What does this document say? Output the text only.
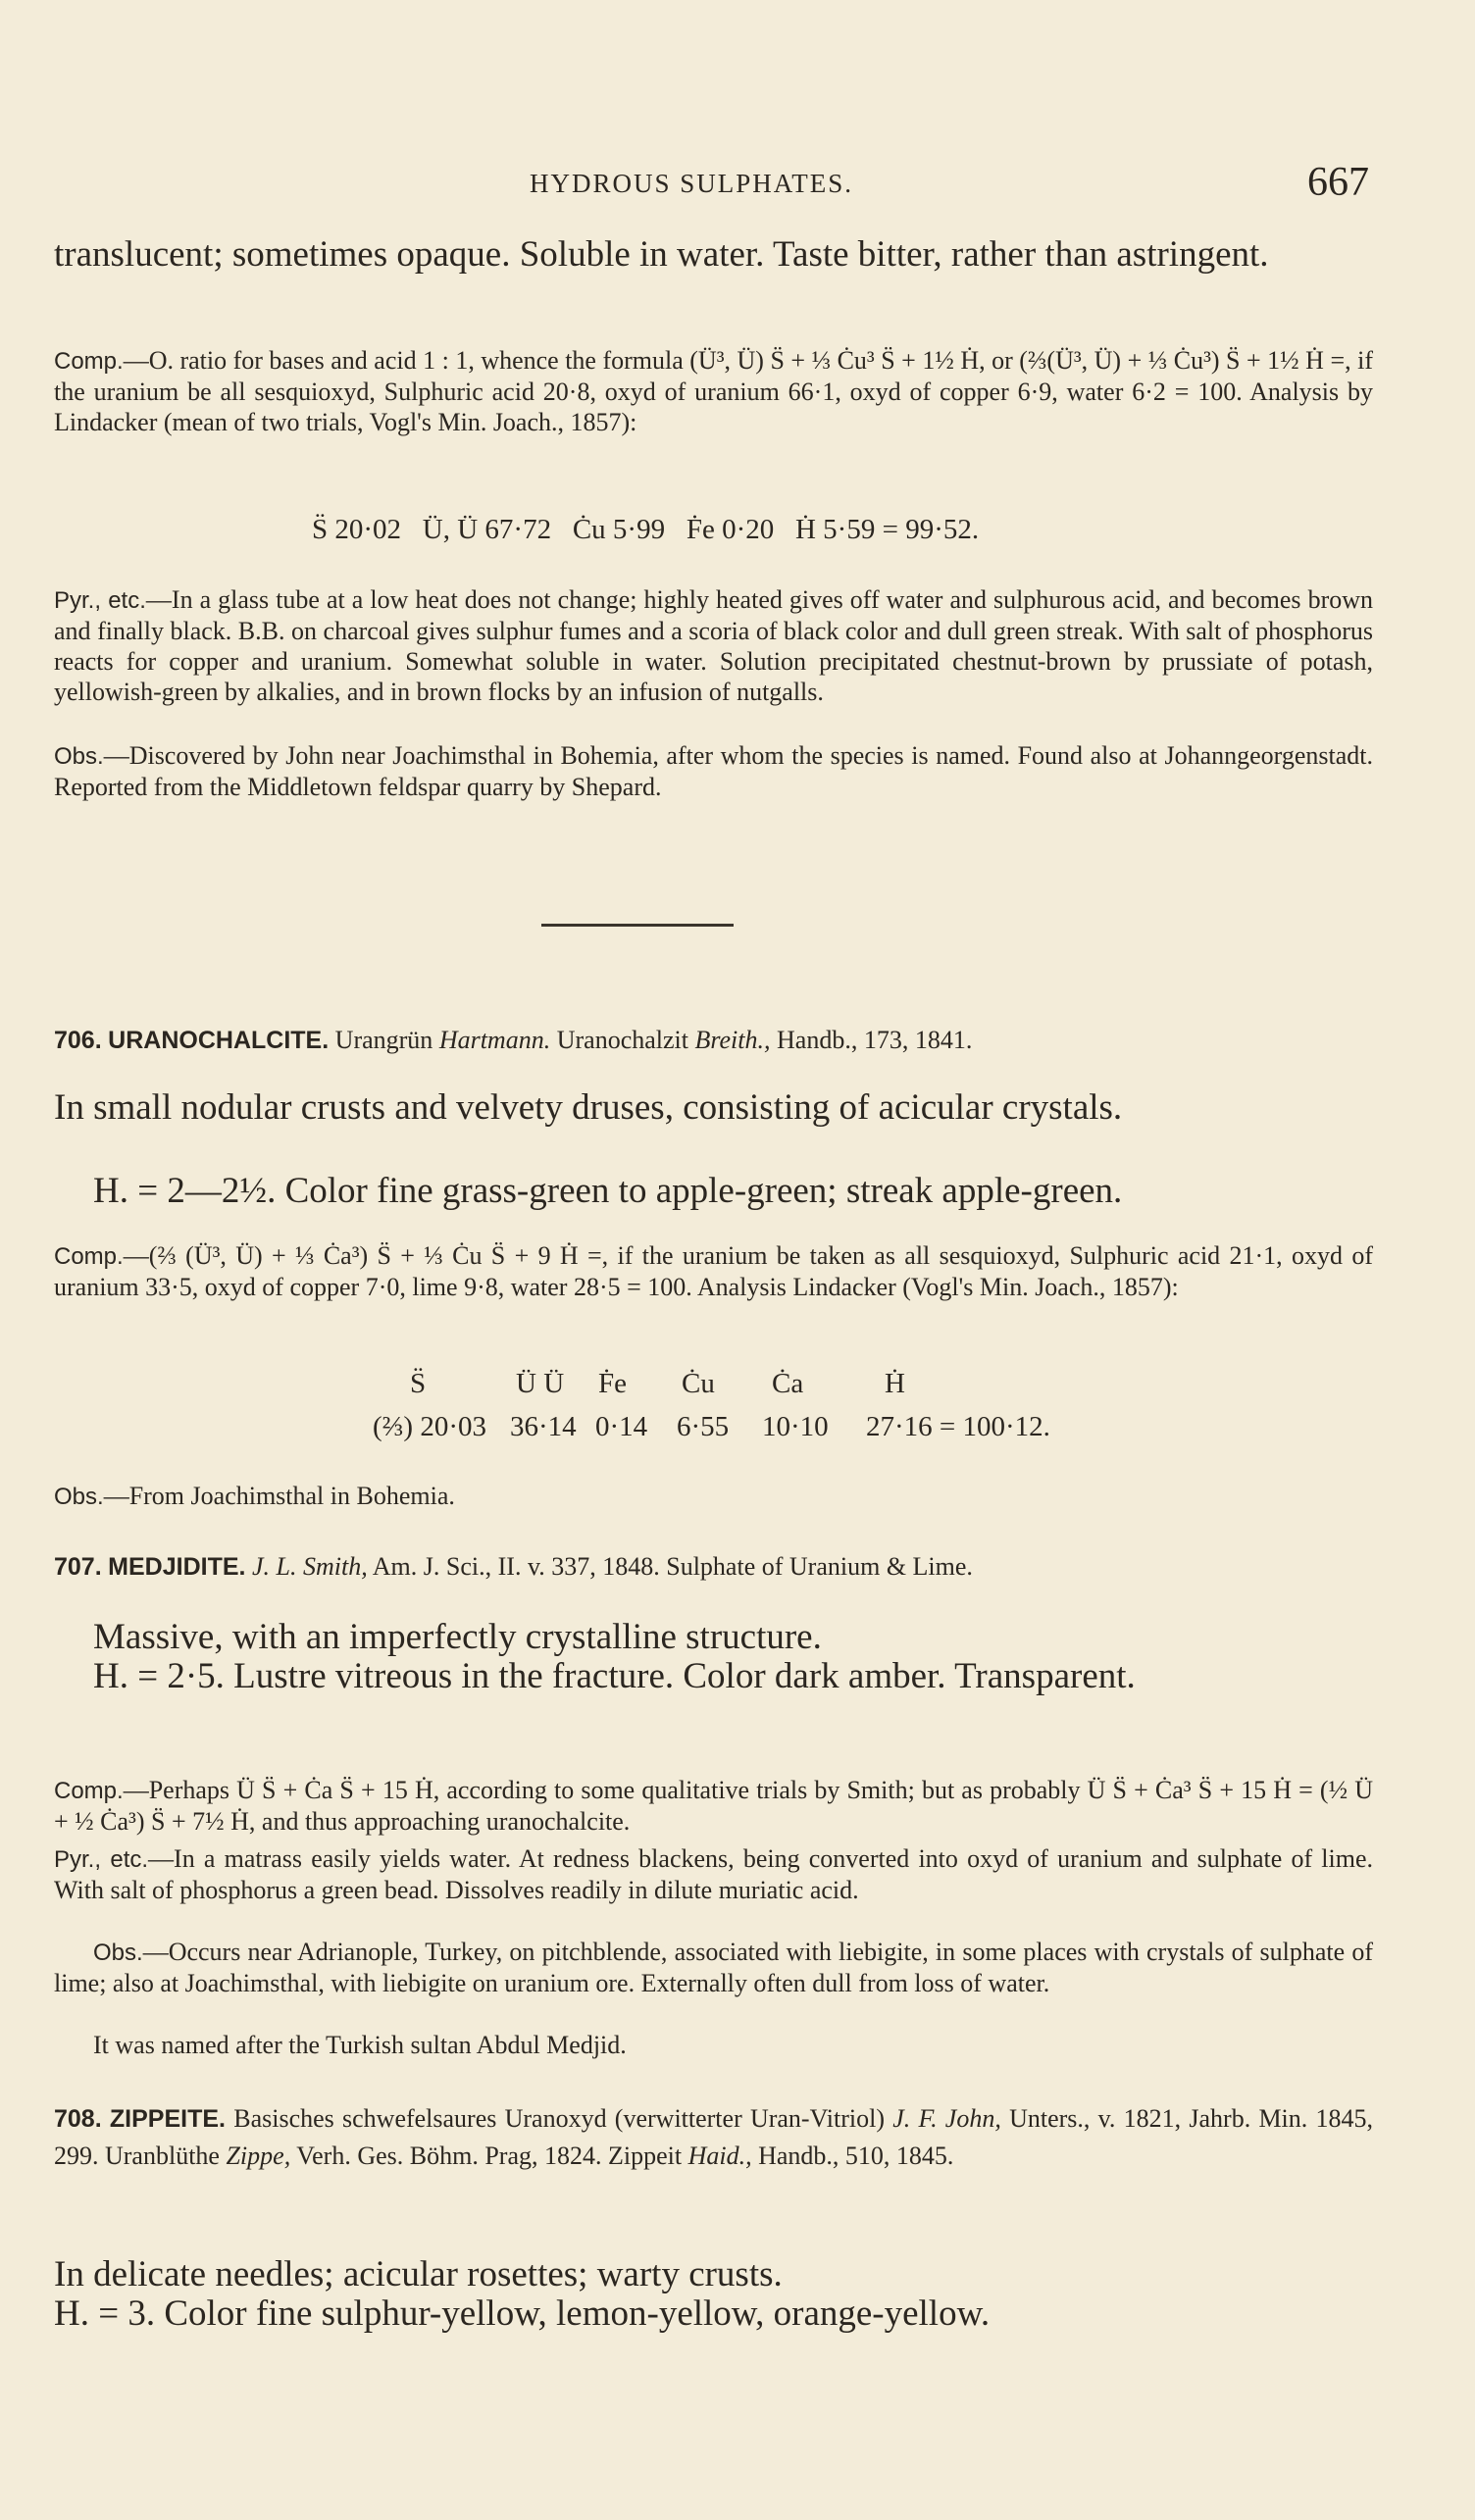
HYDROUS SULPHATES.	667
translucent; sometimes opaque. Soluble in water. Taste bitter, rather than astringent.
Comp.—O. ratio for bases and acid 1 : 1, whence the formula (Ü³, Ü) S̈ + ⅓ Ċu³ S̈ + 1½ Ḣ, or (⅔(Ü³, Ü) + ⅓ Ċu³) S̈ + 1½ Ḣ =, if the uranium be all sesquioxyd, Sulphuric acid 20·8, oxyd of uranium 66·1, oxyd of copper 6·9, water 6·2 = 100. Analysis by Lindacker (mean of two trials, Vogl's Min. Joach., 1857):
S̈ 20·02   Ü, Ü 67·72   Ċu 5·99   Ḟe 0·20   Ḣ 5·59 = 99·52.
Pyr., etc.—In a glass tube at a low heat does not change; highly heated gives off water and sulphurous acid, and becomes brown and finally black. B.B. on charcoal gives sulphur fumes and a scoria of black color and dull green streak. With salt of phosphorus reacts for copper and uranium. Somewhat soluble in water. Solution precipitated chestnut-brown by prussiate of potash, yellowish-green by alkalies, and in brown flocks by an infusion of nutgalls.
Obs.—Discovered by John near Joachimsthal in Bohemia, after whom the species is named. Found also at Johanngeorgenstadt. Reported from the Middletown feldspar quarry by Shepard.
706. URANOCHALCITE. Urangrün Hartmann. Uranochalzit Breith., Handb., 173, 1841.
In small nodular crusts and velvety druses, consisting of acicular crystals.
H. = 2—2½. Color fine grass-green to apple-green; streak apple-green.
Comp.—(⅔ (Ü³, Ü) + ⅓ Ċa³) S̈ + ⅓ Ċu S̈ + 9 Ḣ =, if the uranium be taken as all sesquioxyd, Sulphuric acid 21·1, oxyd of uranium 33·5, oxyd of copper 7·0, lime 9·8, water 28·5 = 100. Analysis Lindacker (Vogl's Min. Joach., 1857):
S̈	Ü Ü Ḟe Ċu Ċa	Ḣ
(⅔) 20·03 36·14 0·14 6·55 10·10 27·16 = 100·12.
Obs.—From Joachimsthal in Bohemia.
707. MEDJIDITE. J. L. Smith, Am. J. Sci., II. v. 337, 1848. Sulphate of Uranium & Lime.
Massive, with an imperfectly crystalline structure.
H. = 2·5. Lustre vitreous in the fracture. Color dark amber. Transparent.
Comp.—Perhaps Ü S̈ + Ċa S̈ + 15 Ḣ, according to some qualitative trials by Smith; but as probably Ü S̈ + Ċa³ S̈ + 15 Ḣ = (½ Ü + ½ Ċa³) S̈ + 7½ Ḣ, and thus approaching uranochalcite.
Pyr., etc.—In a matrass easily yields water. At redness blackens, being converted into oxyd of uranium and sulphate of lime. With salt of phosphorus a green bead. Dissolves readily in dilute muriatic acid.
Obs.—Occurs near Adrianople, Turkey, on pitchblende, associated with liebigite, in some places with crystals of sulphate of lime; also at Joachimsthal, with liebigite on uranium ore. Externally often dull from loss of water.
It was named after the Turkish sultan Abdul Medjid.
708. ZIPPEITE. Basisches schwefelsaures Uranoxyd (verwitterter Uran-Vitriol) J. F. John, Unters., v. 1821, Jahrb. Min. 1845, 299. Uranblüthe Zippe, Verh. Ges. Böhm. Prag, 1824. Zippeit Haid., Handb., 510, 1845.
In delicate needles; acicular rosettes; warty crusts.
H. = 3. Color fine sulphur-yellow, lemon-yellow, orange-yellow.
